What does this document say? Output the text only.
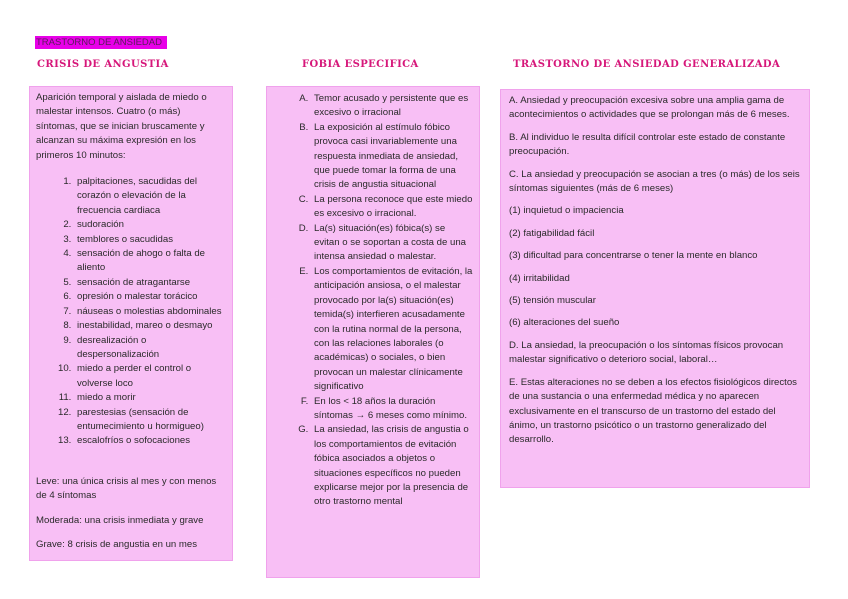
TRASTORNO DE ANSIEDAD
CRISIS DE ANGUSTIA	FOBIA ESPECIFICA	TRASTORNO DE ANSIEDAD GENERALIZADA

Aparición temporal y aislada de miedo o malestar intensos. Cuatro (o más) síntomas, que se inician bruscamente y alcanzan su máxima expresión en los primeros 10 minutos:

1. palpitaciones, sacudidas del corazón o elevación de la frecuencia cardiaca
2. sudoración
3. temblores o sacudidas
4. sensación de ahogo o falta de aliento
5. sensación de atragantarse
6. opresión o malestar torácico
7. náuseas o molestias abdominales
8. inestabilidad, mareo o desmayo
9. desrealización o despersonalización
10. miedo a perder el control o volverse loco
11. miedo a morir
12. parestesias (sensación de entumecimiento u hormigueo)
13. escalofríos o sofocaciones

Leve: una única crisis al mes y con menos de 4 síntomas

Moderada: una crisis inmediata y grave

Grave: 8 crisis de angustia en un mes

A. Temor acusado y persistente que es excesivo o irracional
B. La exposición al estímulo fóbico provoca casi invariablemente una respuesta inmediata de ansiedad, que puede tomar la forma de una crisis de angustia situacional
C. La persona reconoce que este miedo es excesivo o irracional.
D. La(s) situación(es) fóbica(s) se evitan o se soportan a costa de una intensa ansiedad o malestar.
E. Los comportamientos de evitación, la anticipación ansiosa, o el malestar provocado por la(s) situación(es) temida(s) interfieren acusadamente con la rutina normal de la persona, con las relaciones laborales (o académicas) o sociales, o bien provocan un malestar clínicamente significativo
F. En los < 18 años la duración síntomas → 6 meses como mínimo.
G. La ansiedad, las crisis de angustia o los comportamientos de evitación fóbica asociados a objetos o situaciones específicos no pueden explicarse mejor por la presencia de otro trastorno mental

A. Ansiedad y preocupación excesiva sobre una amplia gama de acontecimientos o actividades que se prolongan más de 6 meses.

B. Al individuo le resulta difícil controlar este estado de constante preocupación.

C. La ansiedad y preocupación se asocian a tres (o más) de los seis síntomas siguientes (más de 6 meses)

(1) inquietud o impaciencia

(2) fatigabilidad fácil

(3) dificultad para concentrarse o tener la mente en blanco

(4) irritabilidad

(5) tensión muscular

(6) alteraciones del sueño

D. La ansiedad, la preocupación o los síntomas físicos provocan malestar significativo o deterioro social, laboral…

E. Estas alteraciones no se deben a los efectos fisiológicos directos de una sustancia o una enfermedad médica y no aparecen exclusivamente en el transcurso de un trastorno del estado del ánimo, un trastorno psicótico o un trastorno generalizado del desarrollo.
